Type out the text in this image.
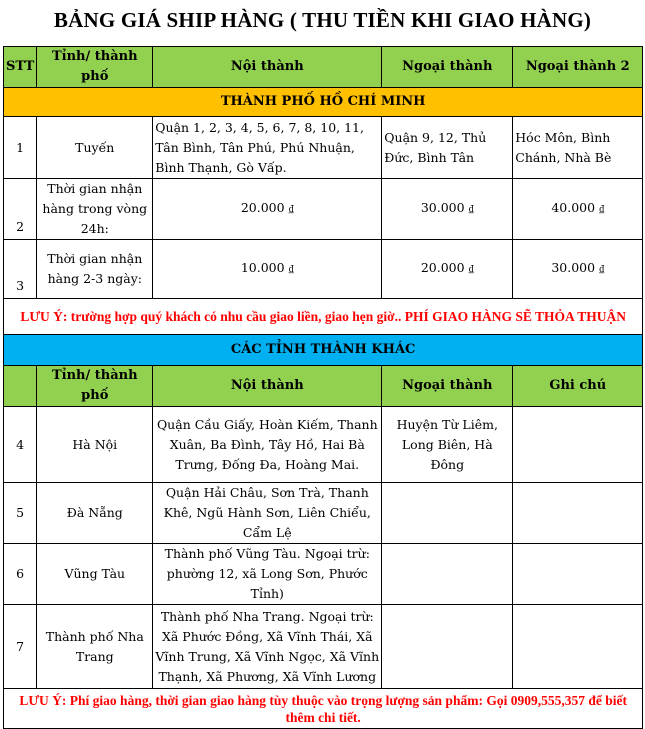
BẢNG GIÁ SHIP HÀNG ( THU TIỀN KHI GIAO HÀNG)
STT	Tỉnh/ thành phố	Nội thành	Ngoại thành	Ngoại thành 2
THÀNH PHỐ HỒ CHÍ MINH				
1	Tuyến	Quận 1, 2, 3, 4, 5, 6, 7, 8, 10, 11, Tân Bình, Tân Phú, Phú Nhuận, Bình Thạnh, Gò Vấp.	Quận 9, 12, Thủ Đức, Bình Tân	Hóc Môn, Bình Chánh, Nhà Bè
2	Thời gian nhận hàng trong vòng 24h:	20.000 ₫	30.000 ₫	40.000 ₫
3	Thời gian nhận hàng 2-3 ngày:	10.000 ₫	20.000 ₫	30.000 ₫
LƯU Ý: trường hợp quý khách có nhu cầu giao liền, giao hẹn giờ.. PHÍ GIAO HÀNG SẼ THỎA THUẬN				
CÁC TỈNH THÀNH KHÁC				
	Tỉnh/ thành phố	Nội thành	Ngoại thành	Ghi chú
4	Hà Nội	Quận Cầu Giấy, Hoàn Kiếm, Thanh Xuân, Ba Đình, Tây Hồ, Hai Bà Trưng, Đống Đa, Hoàng Mai.	Huyện Từ Liêm, Long Biên, Hà Đông	
5	Đà Nẵng	Quận Hải Châu, Sơn Trà, Thanh Khê, Ngũ Hành Sơn, Liên Chiểu, Cẩm Lệ		
6	Vũng Tàu	Thành phố Vũng Tàu. Ngoại trừ: phường 12, xã Long Sơn, Phước Tỉnh)		
7	Thành phố Nha Trang	Thành phố Nha Trang. Ngoại trừ: Xã Phước Đồng, Xã Vĩnh Thái, Xã Vĩnh Trung, Xã Vĩnh Ngọc, Xã Vĩnh Thạnh, Xã Phương, Xã Vĩnh Lương		
LƯU Ý: Phí giao hàng, thời gian giao hàng tùy thuộc vào trọng lượng sản phẩm: Gọi 0909,555,357 để biết thêm chi tiết.				
